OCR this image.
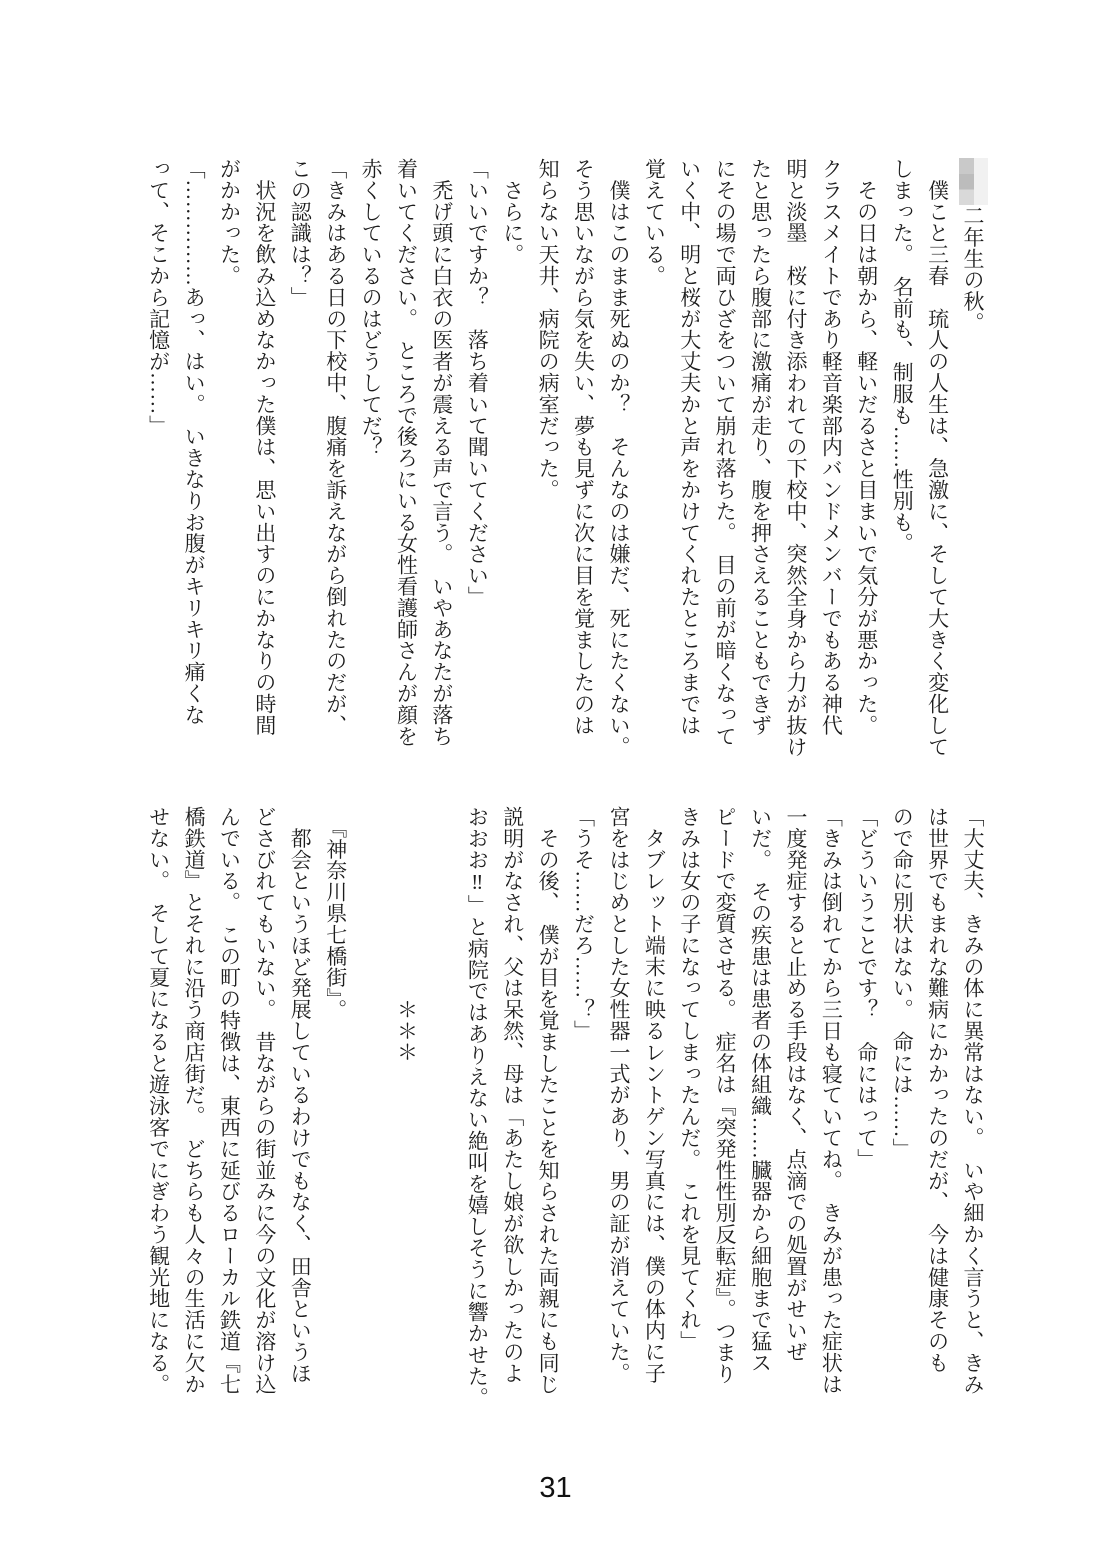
二年生の秋。
　僕こと三春　琉人の人生は、急激に、そして大きく変化して
しまった。　名前も、制服も……性別も。
　その日は朝から、軽いだるさと目まいで気分が悪かった。
クラスメイトであり軽音楽部内バンドメンバーでもある神代
明と淡墨　桜に付き添われての下校中、突然全身から力が抜け
たと思ったら腹部に激痛が走り、腹を押さえることもできず
にその場で両ひざをついて崩れ落ちた。　目の前が暗くなって
いく中、明と桜が大丈夫かと声をかけてくれたところまでは
覚えている。
　僕はこのまま死ぬのか？　そんなのは嫌だ、死にたくない。
そう思いながら気を失い、夢も見ずに次に目を覚ましたのは
知らない天井、病院の病室だった。
　さらに。
「いいですか？　落ち着いて聞いてください」
　禿げ頭に白衣の医者が震える声で言う。　いやあなたが落ち
着いてください。　ところで後ろにいる女性看護師さんが顔を
赤くしているのはどうしてだ？
「きみはある日の下校中、腹痛を訴えながら倒れたのだが、
この認識は？」
　状況を飲み込めなかった僕は、思い出すのにかなりの時間
がかかった。
「……………あっ、はい。　いきなりお腹がキリキリ痛くな
って、そこから記憶が……」
「大丈夫、きみの体に異常はない。　いや細かく言うと、きみ
は世界でもまれな難病にかかったのだが、　今は健康そのも
ので命に別状はない。　命には……」
「どういうことです？　命にはって」
「きみは倒れてから三日も寝ていてね。　きみが患った症状は
一度発症すると止める手段はなく、点滴での処置がせいぜ
いだ。　その疾患は患者の体組織……臓器から細胞まで猛ス
ピードで変質させる。　症名は『突発性性別反転症』。つまり
きみは女の子になってしまったんだ。　これを見てくれ」
　タブレット端末に映るレントゲン写真には、僕の体内に子
宮をはじめとした女性器一式があり、男の証が消えていた。
「うそ……だろ……？」
　その後、　僕が目を覚ましたことを知らされた両親にも同じ
説明がなされ、父は呆然、母は「あたし娘が欲しかったのよ
おおお‼」と病院ではありえない絶叫を嬉しそうに響かせた。

　　　　　　　　　＊＊＊

　『神奈川県七橋街』。
　都会というほど発展しているわけでもなく、田舎というほ
どさびれてもいない。　昔ながらの街並みに今の文化が溶け込
んでいる。　この町の特徴は、東西に延びるローカル鉄道『七
橋鉄道』とそれに沿う商店街だ。　どちらも人々の生活に欠か
せない。　そして夏になると遊泳客でにぎわう観光地になる。
31
